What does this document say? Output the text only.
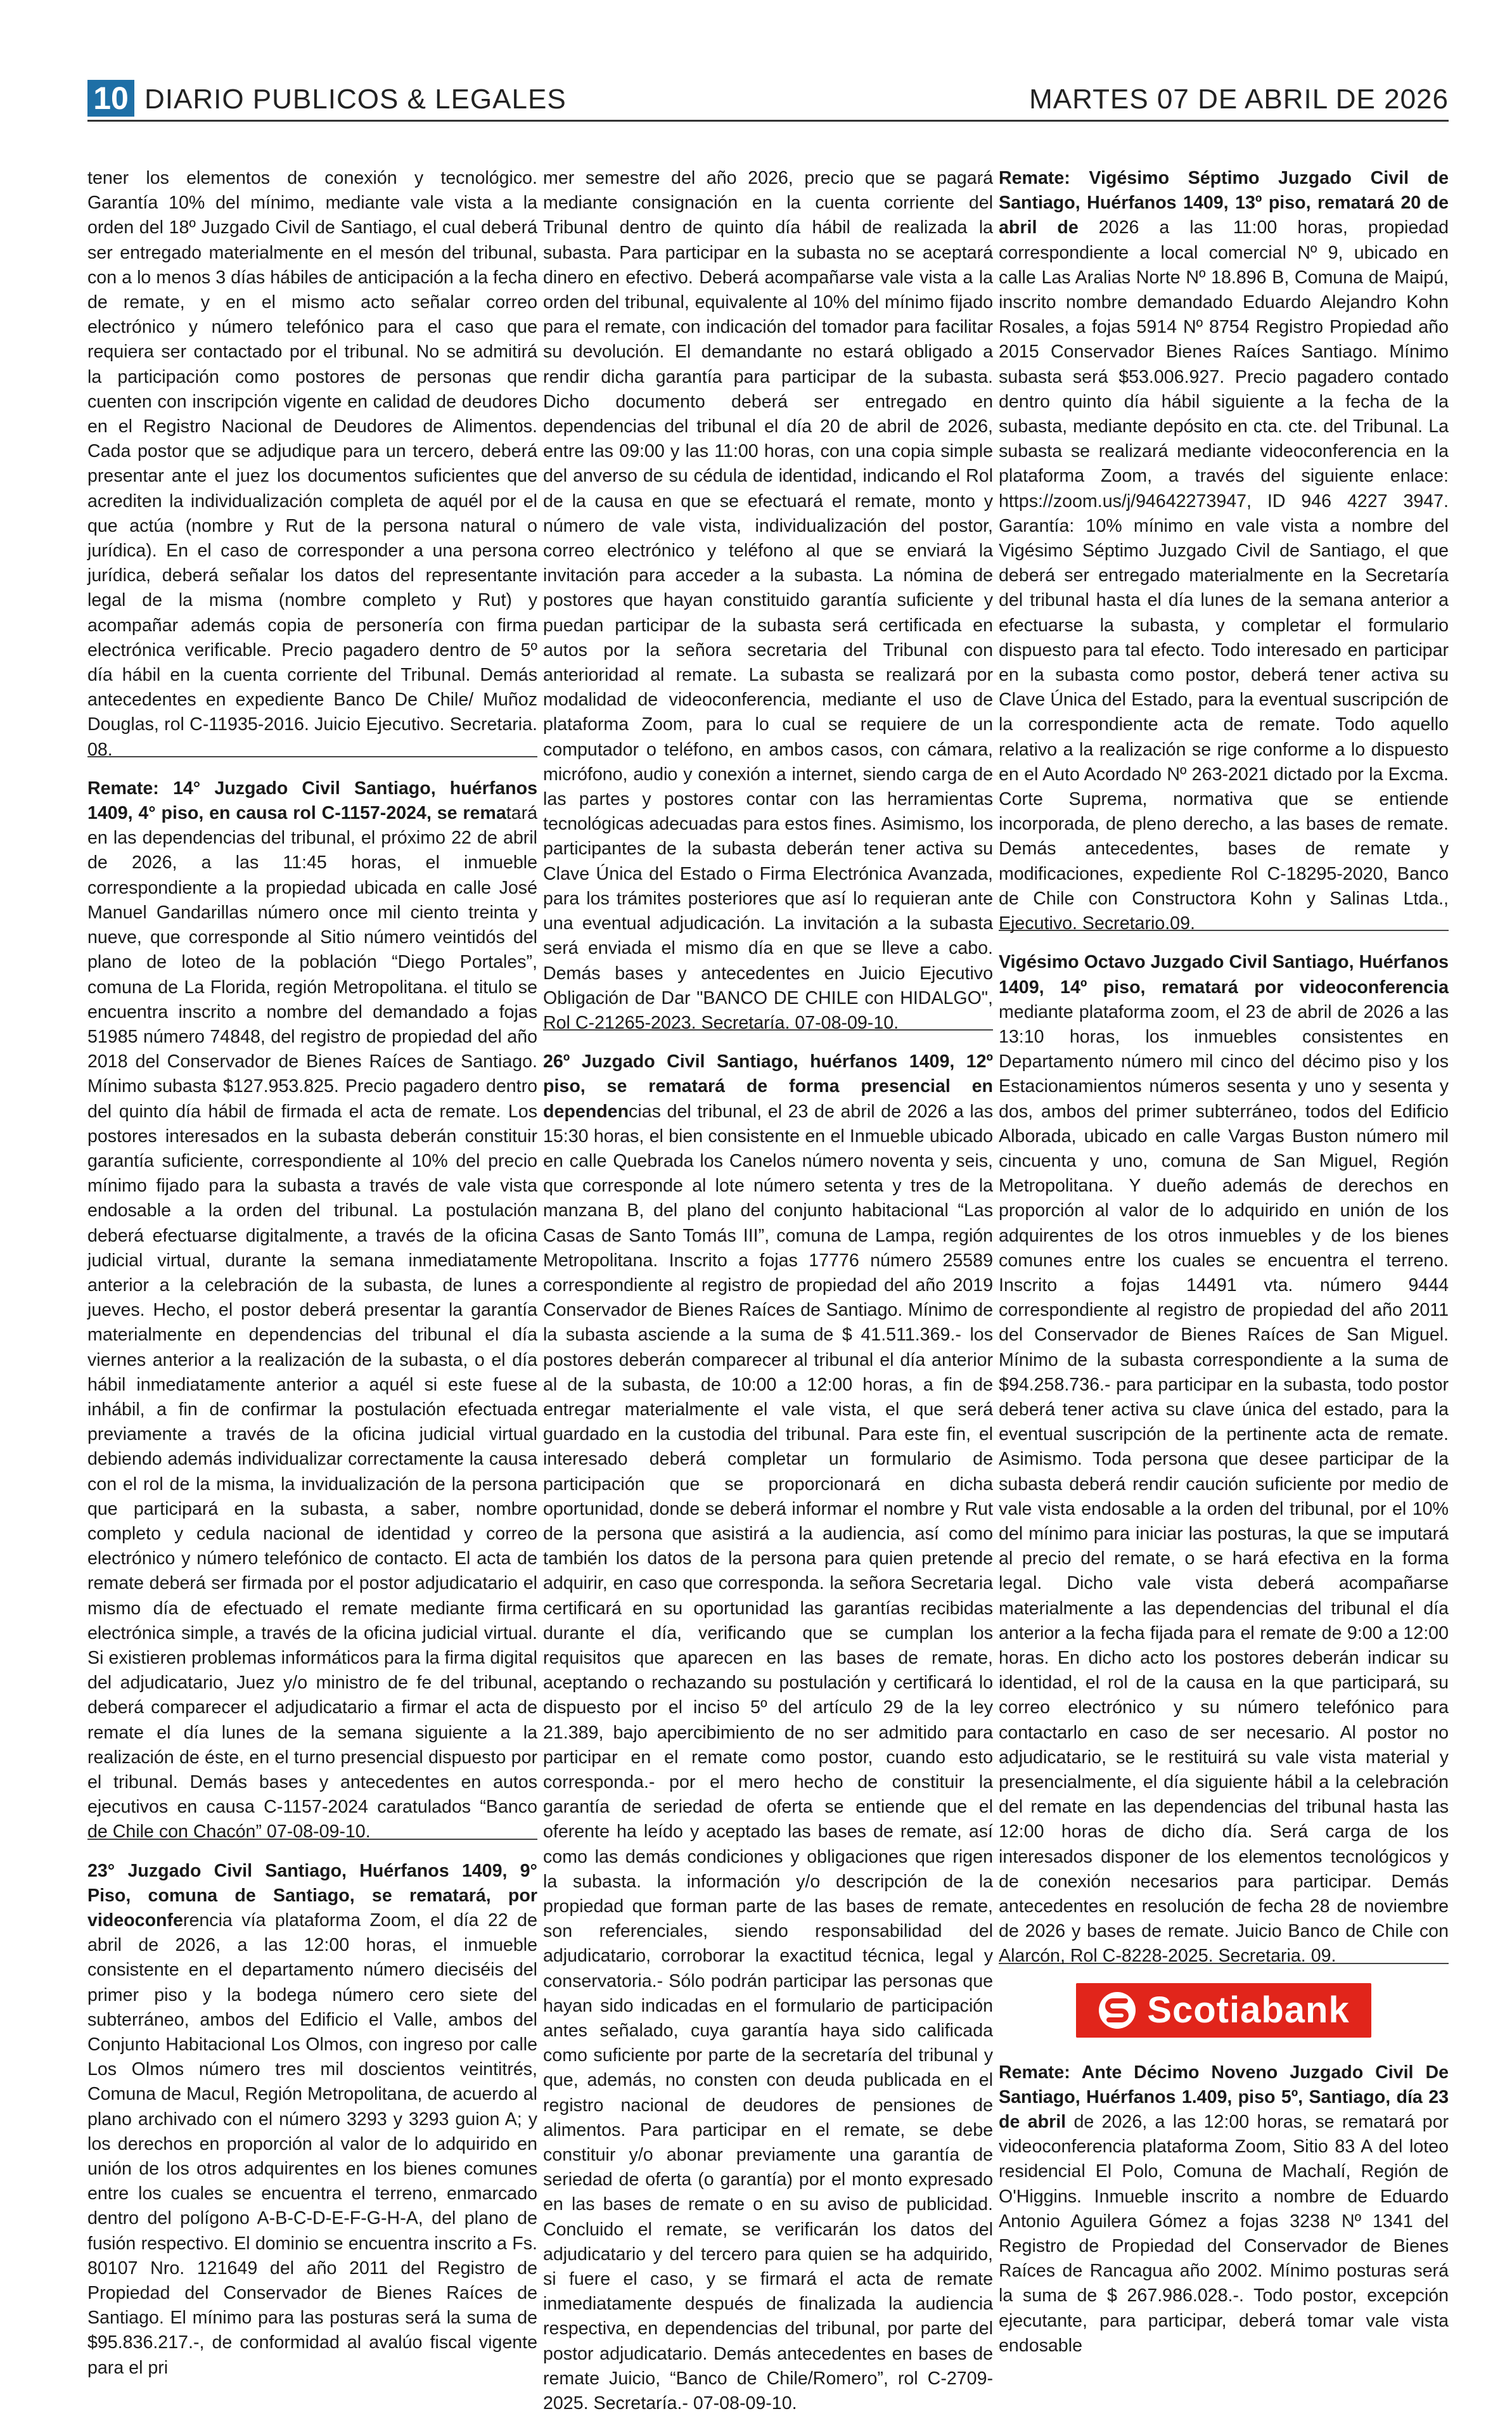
10 DIARIO PUBLICOS & LEGALES	MARTES 07 DE ABRIL DE 2026

tener los elementos de conexión y tecnológico. Garantía 10% del mínimo, mediante vale vista a la orden del 18º Juzgado Civil de Santiago, el cual deberá ser entregado materialmente en el mesón del tribunal, con a lo menos 3 días hábiles de anticipación a la fecha de remate, y en el mismo acto señalar correo electrónico y número telefónico para el caso que requiera ser contactado por el tribunal. No se admitirá la participación como postores de personas que cuenten con inscripción vigente en calidad de deudores en el Registro Nacional de Deudores de Alimentos. Cada postor que se adjudique para un tercero, deberá presentar ante el juez los documentos suficientes que acrediten la individualización completa de aquél por el que actúa (nombre y Rut de la persona natural o jurídica). En el caso de corresponder a una persona jurídica, deberá señalar los datos del representante legal de la misma (nombre completo y Rut) y acompañar además copia de personería con firma electrónica verificable. Precio pagadero dentro de 5º día hábil en la cuenta corriente del Tribunal. Demás antecedentes en expediente Banco De Chile/ Muñoz Douglas, rol C-11935-2016. Juicio Ejecutivo. Secretaria. 08.

Remate: 14° Juzgado Civil Santiago, huérfanos 1409, 4° piso, en causa rol C-1157-2024, se rematará en las dependencias del tribunal, el próximo 22 de abril de 2026, a las 11:45 horas, el inmueble correspondiente a la propiedad ubicada en calle José Manuel Gandarillas número once mil ciento treinta y nueve, que corresponde al Sitio número veintidós del plano de loteo de la población “Diego Portales”, comuna de La Florida, región Metropolitana. el titulo se encuentra inscrito a nombre del demandado a fojas 51985 número 74848, del registro de propiedad del año 2018 del Conservador de Bienes Raíces de Santiago. Mínimo subasta $127.953.825. Precio pagadero dentro del quinto día hábil de firmada el acta de remate. Los postores interesados en la subasta deberán constituir garantía suficiente, correspondiente al 10% del precio mínimo fijado para la subasta a través de vale vista endosable a la orden del tribunal. La postulación deberá efectuarse digitalmente, a través de la oficina judicial virtual, durante la semana inmediatamente anterior a la celebración de la subasta, de lunes a jueves. Hecho, el postor deberá presentar la garantía materialmente en dependencias del tribunal el día viernes anterior a la realización de la subasta, o el día hábil inmediatamente anterior a aquél si este fuese inhábil, a fin de confirmar la postulación efectuada previamente a través de la oficina judicial virtual debiendo además individualizar correctamente la causa con el rol de la misma, la invidualización de la persona que participará en la subasta, a saber, nombre completo y cedula nacional de identidad y correo electrónico y número telefónico de contacto. El acta de remate deberá ser firmada por el postor adjudicatario el mismo día de efectuado el remate mediante firma electrónica simple, a través de la oficina judicial virtual. Si existieren problemas informáticos para la firma digital del adjudicatario, Juez y/o ministro de fe del tribunal, deberá comparecer el adjudicatario a firmar el acta de remate el día lunes de la semana siguiente a la realización de éste, en el turno presencial dispuesto por el tribunal. Demás bases y antecedentes en autos ejecutivos en causa C-1157-2024 caratulados “Banco de Chile con Chacón” 07-08-09-10.

23° Juzgado Civil Santiago, Huérfanos 1409, 9° Piso, comuna de Santiago, se rematará, por videoconferencia vía plataforma Zoom, el día 22 de abril de 2026, a las 12:00 horas, el inmueble consistente en el departamento número dieciséis del primer piso y la bodega número cero siete del subterráneo, ambos del Edificio el Valle, ambos del Conjunto Habitacional Los Olmos, con ingreso por calle Los Olmos número tres mil doscientos veintitrés, Comuna de Macul, Región Metropolitana, de acuerdo al plano archivado con el número 3293 y 3293 guion A; y los derechos en proporción al valor de lo adquirido en unión de los otros adquirentes en los bienes comunes entre los cuales se encuentra el terreno, enmarcado dentro del polígono A-B-C-D-E-F-G-H-A, del plano de fusión respectivo. El dominio se encuentra inscrito a Fs. 80107 Nro. 121649 del año 2011 del Registro de Propiedad del Conservador de Bienes Raíces de Santiago. El mínimo para las posturas será la suma de $95.836.217.-, de conformidad al avalúo fiscal vigente para el pri

mer semestre del año 2026, precio que se pagará mediante consignación en la cuenta corriente del Tribunal dentro de quinto día hábil de realizada la subasta. Para participar en la subasta no se aceptará dinero en efectivo. Deberá acompañarse vale vista a la orden del tribunal, equivalente al 10% del mínimo fijado para el remate, con indicación del tomador para facilitar su devolución. El demandante no estará obligado a rendir dicha garantía para participar de la subasta. Dicho documento deberá ser entregado en dependencias del tribunal el día 20 de abril de 2026, entre las 09:00 y las 11:00 horas, con una copia simple del anverso de su cédula de identidad, indicando el Rol de la causa en que se efectuará el remate, monto y número de vale vista, individualización del postor, correo electrónico y teléfono al que se enviará la invitación para acceder a la subasta. La nómina de postores que hayan constituido garantía suficiente y puedan participar de la subasta será certificada en autos por la señora secretaria del Tribunal con anterioridad al remate. La subasta se realizará por modalidad de videoconferencia, mediante el uso de plataforma Zoom, para lo cual se requiere de un computador o teléfono, en ambos casos, con cámara, micrófono, audio y conexión a internet, siendo carga de las partes y postores contar con las herramientas tecnológicas adecuadas para estos fines. Asimismo, los participantes de la subasta deberán tener activa su Clave Única del Estado o Firma Electrónica Avanzada, para los trámites posteriores que así lo requieran ante una eventual adjudicación. La invitación a la subasta será enviada el mismo día en que se lleve a cabo. Demás bases y antecedentes en Juicio Ejecutivo Obligación de Dar "BANCO DE CHILE con HIDALGO", Rol C-21265-2023. Secretaría. 07-08-09-10.

26º Juzgado Civil Santiago, huérfanos 1409, 12º piso, se rematará de forma presencial en dependencias del tribunal, el 23 de abril de 2026 a las 15:30 horas, el bien consistente en el Inmueble ubicado en calle Quebrada los Canelos número noventa y seis, que corresponde al lote número setenta y tres de la manzana B, del plano del conjunto habitacional “Las Casas de Santo Tomás III”, comuna de Lampa, región Metropolitana. Inscrito a fojas 17776 número 25589 correspondiente al registro de propiedad del año 2019 Conservador de Bienes Raíces de Santiago. Mínimo de la subasta asciende a la suma de $ 41.511.369.- los postores deberán comparecer al tribunal el día anterior al de la subasta, de 10:00 a 12:00 horas, a fin de entregar materialmente el vale vista, el que será guardado en la custodia del tribunal. Para este fin, el interesado deberá completar un formulario de participación que se proporcionará en dicha oportunidad, donde se deberá informar el nombre y Rut de la persona que asistirá a la audiencia, así como también los datos de la persona para quien pretende adquirir, en caso que corresponda. la señora Secretaria certificará en su oportunidad las garantías recibidas durante el día, verificando que se cumplan los requisitos que aparecen en las bases de remate, aceptando o rechazando su postulación y certificará lo dispuesto por el inciso 5º del artículo 29 de la ley 21.389, bajo apercibimiento de no ser admitido para participar en el remate como postor, cuando esto corresponda.- por el mero hecho de constituir la garantía de seriedad de oferta se entiende que el oferente ha leído y aceptado las bases de remate, así como las demás condiciones y obligaciones que rigen la subasta. la información y/o descripción de la propiedad que forman parte de las bases de remate, son referenciales, siendo responsabilidad del adjudicatario, corroborar la exactitud técnica, legal y conservatoria.- Sólo podrán participar las personas que hayan sido indicadas en el formulario de participación antes señalado, cuya garantía haya sido calificada como suficiente por parte de la secretaría del tribunal y que, además, no consten con deuda publicada en el registro nacional de deudores de pensiones de alimentos. Para participar en el remate, se debe constituir y/o abonar previamente una garantía de seriedad de oferta (o garantía) por el monto expresado en las bases de remate o en su aviso de publicidad. Concluido el remate, se verificarán los datos del adjudicatario y del tercero para quien se ha adquirido, si fuere el caso, y se firmará el acta de remate inmediatamente después de finalizada la audiencia respectiva, en dependencias del tribunal, por parte del postor adjudicatario. Demás antecedentes en bases de remate Juicio, “Banco de Chile/Romero”, rol C-2709-2025. Secretaría.- 07-08-09-10.

Remate: Vigésimo Séptimo Juzgado Civil de Santiago, Huérfanos 1409, 13º piso, rematará 20 de abril de 2026 a las 11:00 horas, propiedad correspondiente a local comercial Nº 9, ubicado en calle Las Aralias Norte Nº 18.896 B, Comuna de Maipú, inscrito nombre demandado Eduardo Alejandro Kohn Rosales, a fojas 5914 Nº 8754 Registro Propiedad año 2015 Conservador Bienes Raíces Santiago. Mínimo subasta será $53.006.927. Precio pagadero contado dentro quinto día hábil siguiente a la fecha de la subasta, mediante depósito en cta. cte. del Tribunal. La subasta se realizará mediante videoconferencia en la plataforma Zoom, a través del siguiente enlace: https://zoom.us/j/94642273947, ID 946 4227 3947. Garantía: 10% mínimo en vale vista a nombre del Vigésimo Séptimo Juzgado Civil de Santiago, el que deberá ser entregado materialmente en la Secretaría del tribunal hasta el día lunes de la semana anterior a efectuarse la subasta, y completar el formulario dispuesto para tal efecto. Todo interesado en participar en la subasta como postor, deberá tener activa su Clave Única del Estado, para la eventual suscripción de la correspondiente acta de remate. Todo aquello relativo a la realización se rige conforme a lo dispuesto en el Auto Acordado Nº 263-2021 dictado por la Excma. Corte Suprema, normativa que se entiende incorporada, de pleno derecho, a las bases de remate. Demás antecedentes, bases de remate y modificaciones, expediente Rol C-18295-2020, Banco de Chile con Constructora Kohn y Salinas Ltda., Ejecutivo. Secretario.09.

Vigésimo Octavo Juzgado Civil Santiago, Huérfanos 1409, 14º piso, rematará por videoconferencia mediante plataforma zoom, el 23 de abril de 2026 a las 13:10 horas, los inmuebles consistentes en Departamento número mil cinco del décimo piso y los Estacionamientos números sesenta y uno y sesenta y dos, ambos del primer subterráneo, todos del Edificio Alborada, ubicado en calle Vargas Buston número mil cincuenta y uno, comuna de San Miguel, Región Metropolitana. Y dueño además de derechos en proporción al valor de lo adquirido en unión de los adquirentes de los otros inmuebles y de los bienes comunes entre los cuales se encuentra el terreno. Inscrito a fojas 14491 vta. número 9444 correspondiente al registro de propiedad del año 2011 del Conservador de Bienes Raíces de San Miguel. Mínimo de la subasta correspondiente a la suma de $94.258.736.- para participar en la subasta, todo postor deberá tener activa su clave única del estado, para la eventual suscripción de la pertinente acta de remate. Asimismo. Toda persona que desee participar de la subasta deberá rendir caución suficiente por medio de vale vista endosable a la orden del tribunal, por el 10% del mínimo para iniciar las posturas, la que se imputará al precio del remate, o se hará efectiva en la forma legal. Dicho vale vista deberá acompañarse materialmente a las dependencias del tribunal el día anterior a la fecha fijada para el remate de 9:00 a 12:00 horas. En dicho acto los postores deberán indicar su identidad, el rol de la causa en la que participará, su correo electrónico y su número telefónico para contactarlo en caso de ser necesario. Al postor no adjudicatario, se le restituirá su vale vista material y presencialmente, el día siguiente hábil a la celebración del remate en las dependencias del tribunal hasta las 12:00 horas de dicho día. Será carga de los interesados disponer de los elementos tecnológicos y de conexión necesarios para participar. Demás antecedentes en resolución de fecha 28 de noviembre de 2026 y bases de remate. Juicio Banco de Chile con Alarcón, Rol C-8228-2025. Secretaria. 09.

Scotiabank

Remate: Ante Décimo Noveno Juzgado Civil De Santiago, Huérfanos 1.409, piso 5º, Santiago, día 23 de abril de 2026, a las 12:00 horas, se rematará por videoconferencia plataforma Zoom, Sitio 83 A del loteo residencial El Polo, Comuna de Machalí, Región de O'Higgins. Inmueble inscrito a nombre de Eduardo Antonio Aguilera Gómez a fojas 3238 Nº 1341 del Registro de Propiedad del Conservador de Bienes Raíces de Rancagua año 2002. Mínimo posturas será la suma de $ 267.986.028.-. Todo postor, excepción ejecutante, para participar, deberá tomar vale vista endosable
